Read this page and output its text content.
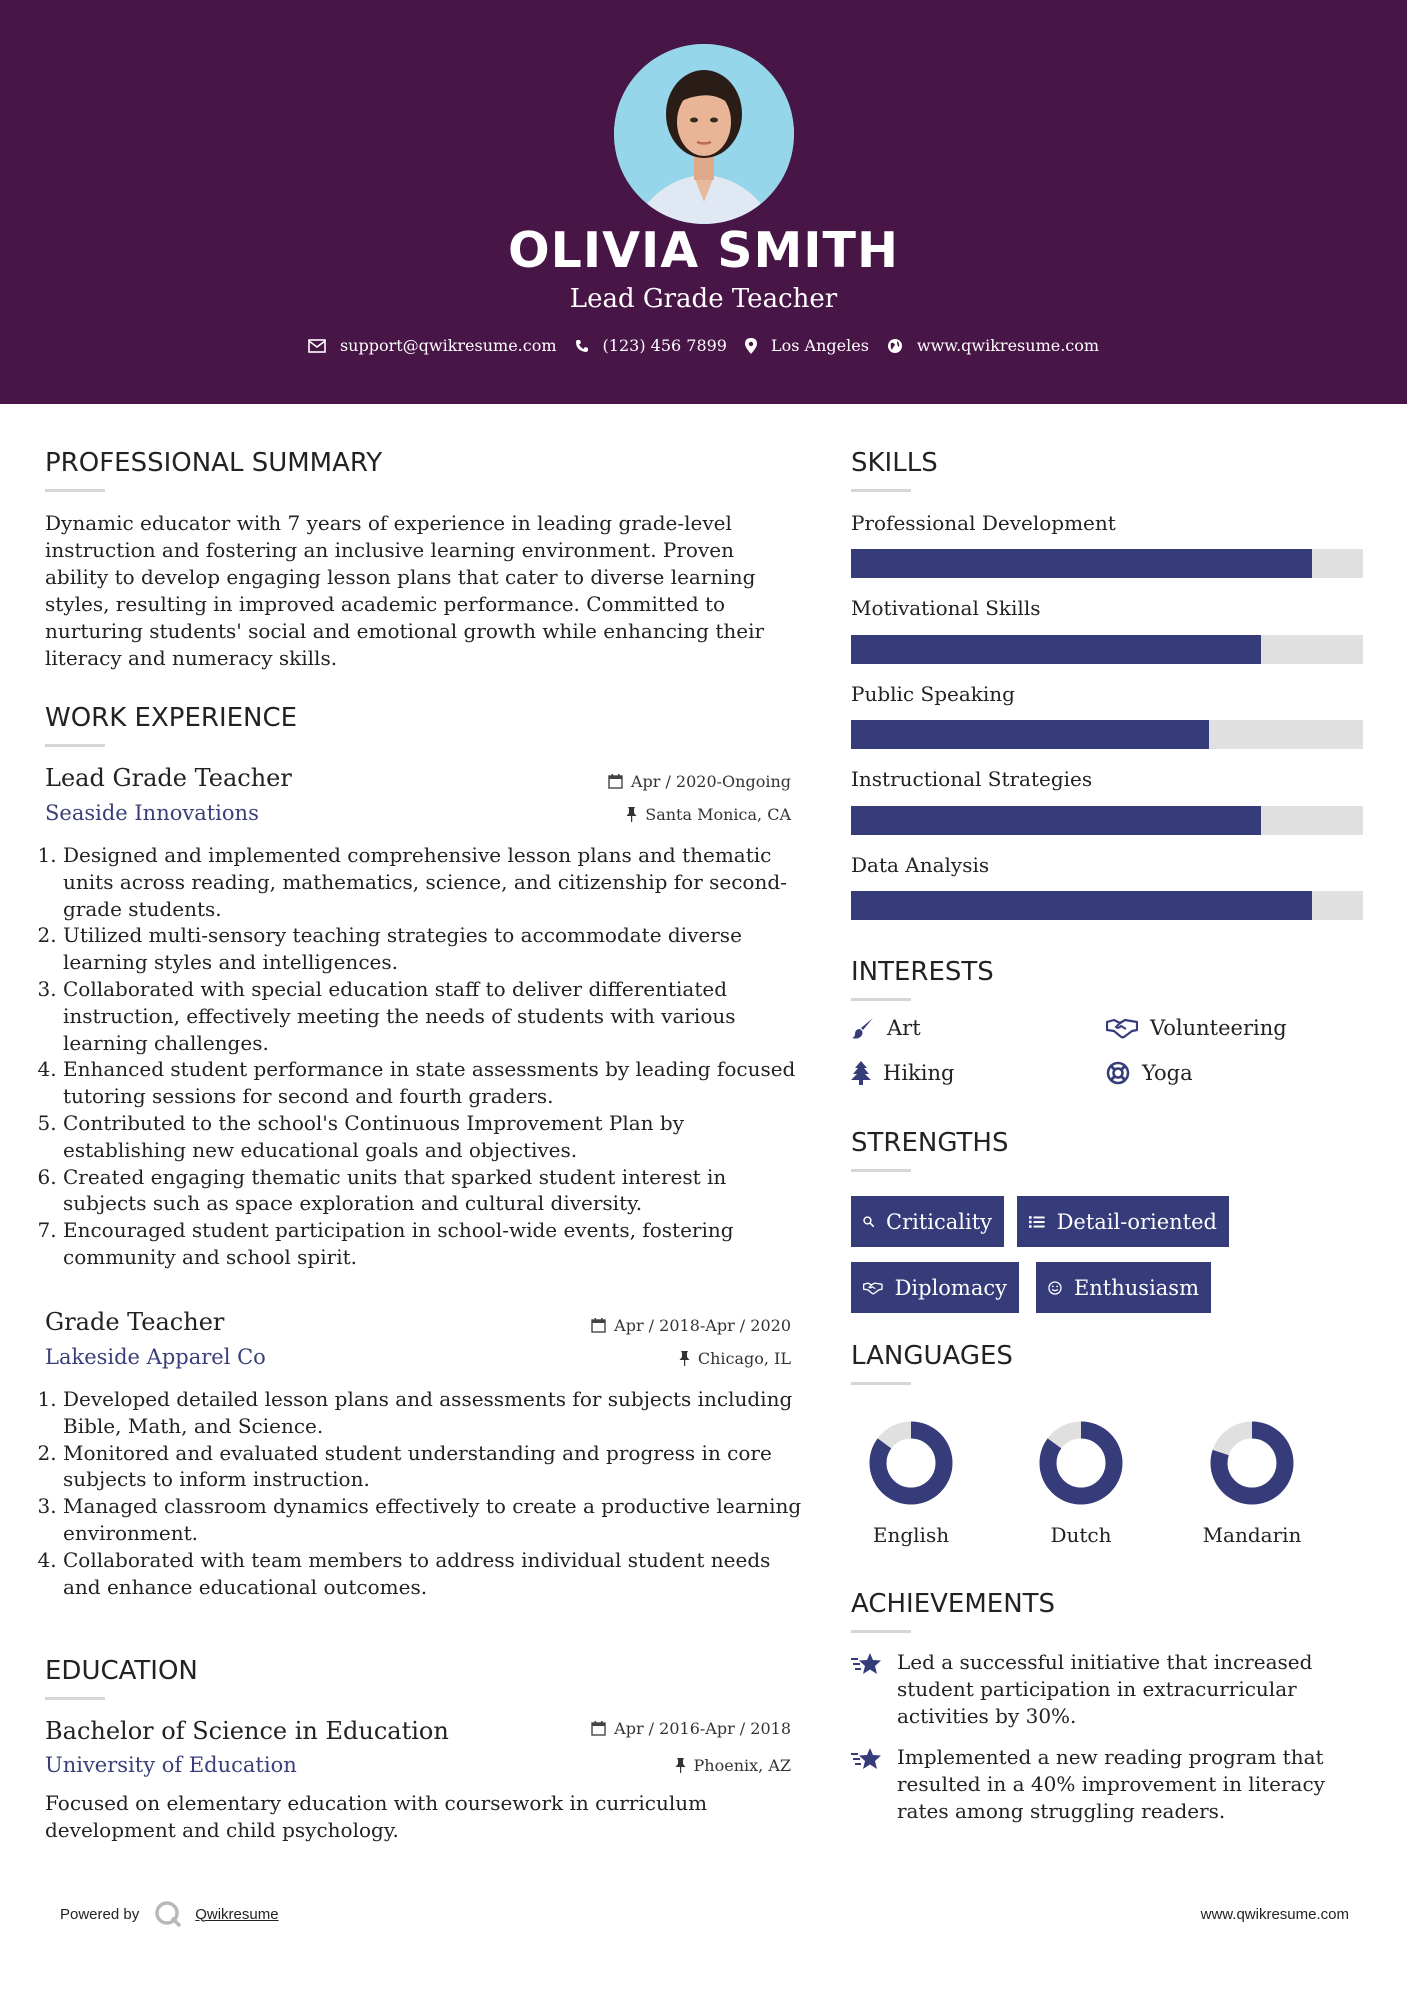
OLIVIA SMITH
Lead Grade Teacher
support@qwikresume.com	(123) 456 7899	Los Angeles	www.qwikresume.com
PROFESSIONAL SUMMARY
Dynamic educator with 7 years of experience in leading grade-level instruction and fostering an inclusive learning environment. Proven ability to develop engaging lesson plans that cater to diverse learning styles, resulting in improved academic performance. Committed to nurturing students' social and emotional growth while enhancing their literacy and numeracy skills.
WORK EXPERIENCE
Lead Grade Teacher	Apr / 2020-Ongoing
Seaside Innovations	Santa Monica, CA
1. Designed and implemented comprehensive lesson plans and thematic units across reading, mathematics, science, and citizenship for second-grade students.
2. Utilized multi-sensory teaching strategies to accommodate diverse learning styles and intelligences.
3. Collaborated with special education staff to deliver differentiated instruction, effectively meeting the needs of students with various learning challenges.
4. Enhanced student performance in state assessments by leading focused tutoring sessions for second and fourth graders.
5. Contributed to the school's Continuous Improvement Plan by establishing new educational goals and objectives.
6. Created engaging thematic units that sparked student interest in subjects such as space exploration and cultural diversity.
7. Encouraged student participation in school-wide events, fostering community and school spirit.
Grade Teacher	Apr / 2018-Apr / 2020
Lakeside Apparel Co	Chicago, IL
1. Developed detailed lesson plans and assessments for subjects including Bible, Math, and Science.
2. Monitored and evaluated student understanding and progress in core subjects to inform instruction.
3. Managed classroom dynamics effectively to create a productive learning environment.
4. Collaborated with team members to address individual student needs and enhance educational outcomes.
EDUCATION
Bachelor of Science in Education	Apr / 2016-Apr / 2018
University of Education	Phoenix, AZ
Focused on elementary education with coursework in curriculum development and child psychology.
SKILLS
Professional Development
Motivational Skills
Public Speaking
Instructional Strategies
Data Analysis
INTERESTS
Art	Volunteering
Hiking	Yoga
STRENGTHS
Criticality	Detail-oriented
Diplomacy	Enthusiasm
LANGUAGES
English	Dutch	Mandarin
ACHIEVEMENTS
Led a successful initiative that increased student participation in extracurricular activities by 30%.
Implemented a new reading program that resulted in a 40% improvement in literacy rates among struggling readers.
Powered by	Qwikresume	www.qwikresume.com
